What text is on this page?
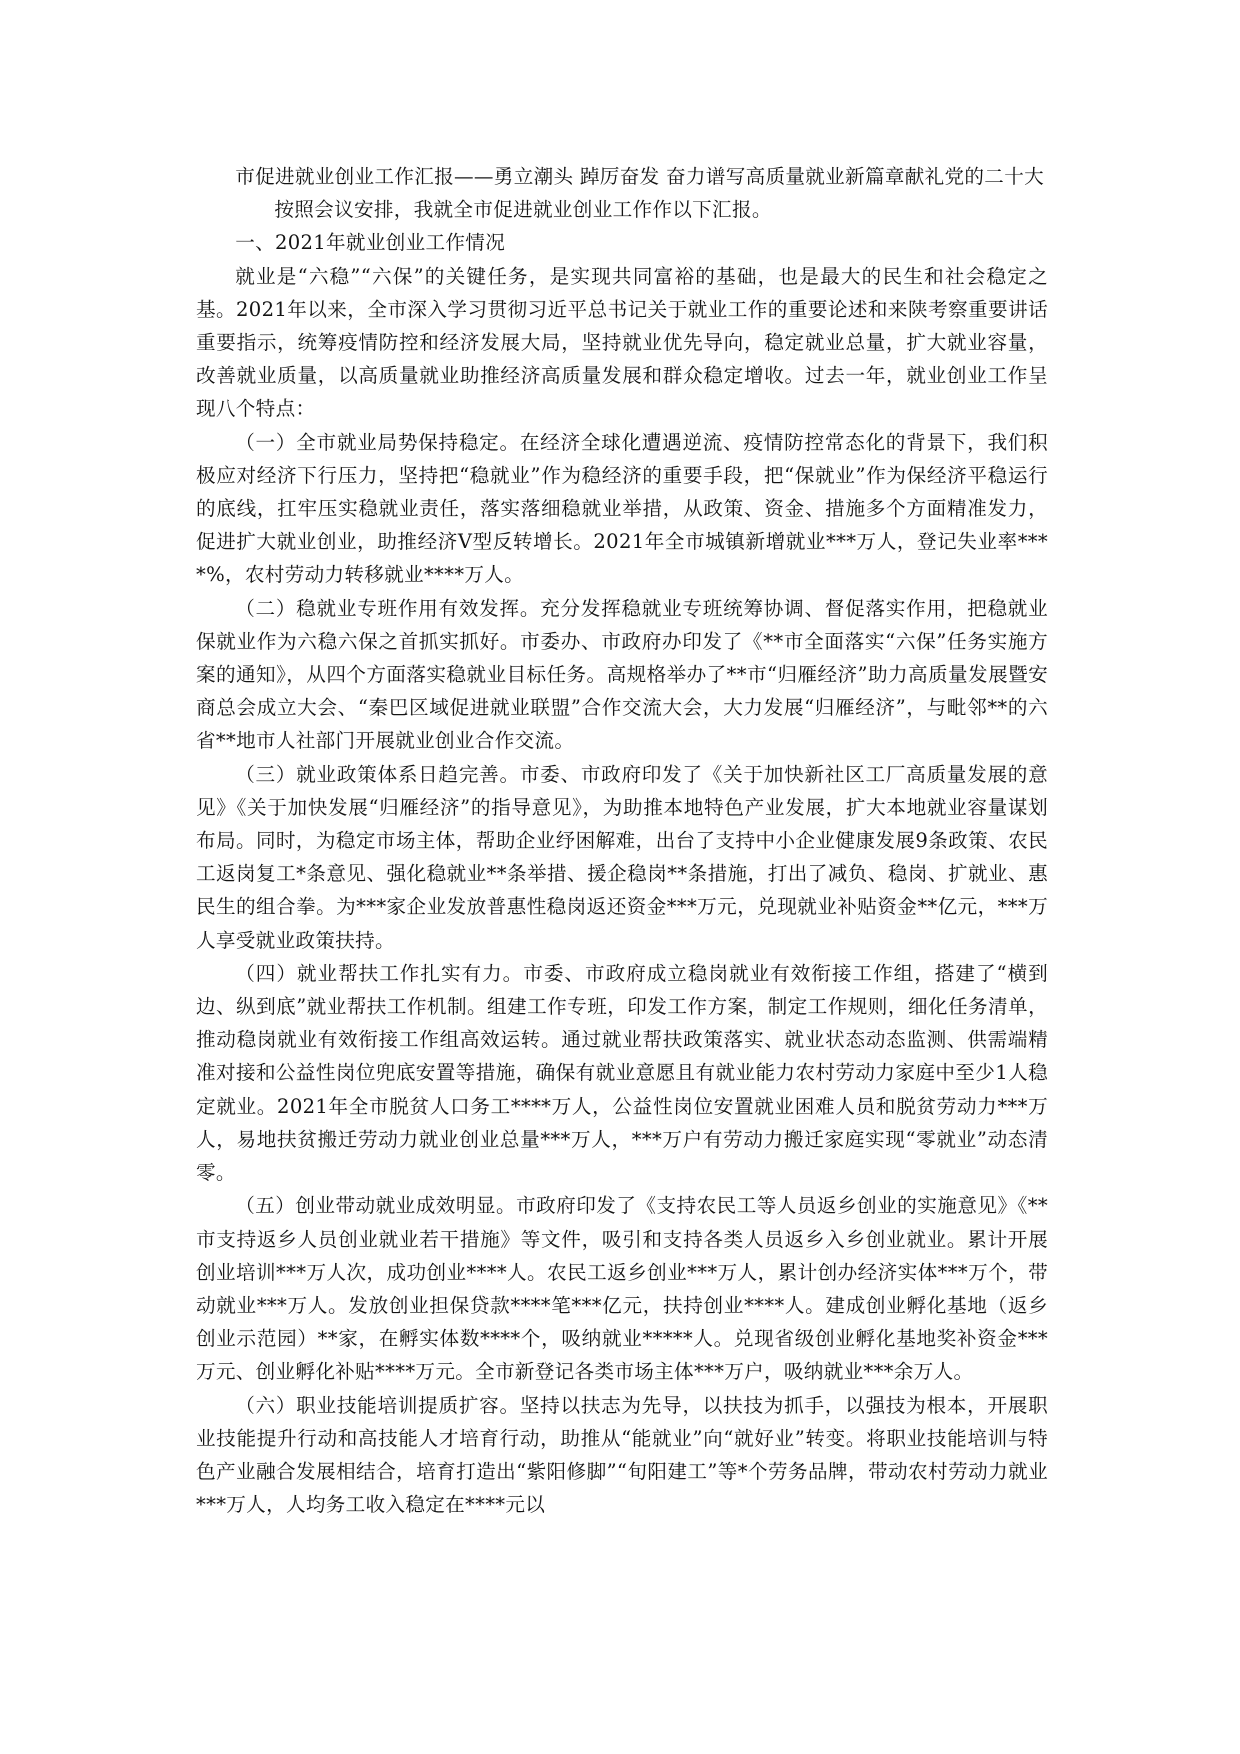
市促进就业创业工作汇报——勇立潮头 踔厉奋发 奋力谱写高质量就业新篇章献礼党的二十大

按照会议安排，我就全市促进就业创业工作作以下汇报。

一、2021年就业创业工作情况

就业是“六稳”“六保”的关键任务，是实现共同富裕的基础，也是最大的民生和社会稳定之基。2021年以来，全市深入学习贯彻习近平总书记关于就业工作的重要论述和来陕考察重要讲话重要指示，统筹疫情防控和经济发展大局，坚持就业优先导向，稳定就业总量，扩大就业容量，改善就业质量，以高质量就业助推经济高质量发展和群众稳定增收。过去一年，就业创业工作呈现八个特点：

（一）全市就业局势保持稳定。在经济全球化遭遇逆流、疫情防控常态化的背景下，我们积极应对经济下行压力，坚持把“稳就业”作为稳经济的重要手段，把“保就业”作为保经济平稳运行的底线，扛牢压实稳就业责任，落实落细稳就业举措，从政策、资金、措施多个方面精准发力，促进扩大就业创业，助推经济V型反转增长。2021年全市城镇新增就业***万人，登记失业率****%，农村劳动力转移就业****万人。

（二）稳就业专班作用有效发挥。充分发挥稳就业专班统筹协调、督促落实作用，把稳就业保就业作为六稳六保之首抓实抓好。市委办、市政府办印发了《**市全面落实“六保”任务实施方案的通知》，从四个方面落实稳就业目标任务。高规格举办了**市“归雁经济”助力高质量发展暨安商总会成立大会、“秦巴区域促进就业联盟”合作交流大会，大力发展“归雁经济”，与毗邻**的六省**地市人社部门开展就业创业合作交流。

（三）就业政策体系日趋完善。市委、市政府印发了《关于加快新社区工厂高质量发展的意见》《关于加快发展“归雁经济”的指导意见》，为助推本地特色产业发展，扩大本地就业容量谋划布局。同时，为稳定市场主体，帮助企业纾困解难，出台了支持中小企业健康发展9条政策、农民工返岗复工*条意见、强化稳就业**条举措、援企稳岗**条措施，打出了减负、稳岗、扩就业、惠民生的组合拳。为***家企业发放普惠性稳岗返还资金***万元，兑现就业补贴资金**亿元，***万人享受就业政策扶持。

（四）就业帮扶工作扎实有力。市委、市政府成立稳岗就业有效衔接工作组，搭建了“横到边、纵到底”就业帮扶工作机制。组建工作专班，印发工作方案，制定工作规则，细化任务清单，推动稳岗就业有效衔接工作组高效运转。通过就业帮扶政策落实、就业状态动态监测、供需端精准对接和公益性岗位兜底安置等措施，确保有就业意愿且有就业能力农村劳动力家庭中至少1人稳定就业。2021年全市脱贫人口务工****万人，公益性岗位安置就业困难人员和脱贫劳动力***万人，易地扶贫搬迁劳动力就业创业总量***万人，***万户有劳动力搬迁家庭实现“零就业”动态清零。

（五）创业带动就业成效明显。市政府印发了《支持农民工等人员返乡创业的实施意见》《**市支持返乡人员创业就业若干措施》等文件，吸引和支持各类人员返乡入乡创业就业。累计开展创业培训***万人次，成功创业****人。农民工返乡创业***万人，累计创办经济实体***万个，带动就业***万人。发放创业担保贷款****笔***亿元，扶持创业****人。建成创业孵化基地（返乡创业示范园）**家，在孵实体数****个，吸纳就业*****人。兑现省级创业孵化基地奖补资金***万元、创业孵化补贴****万元。全市新登记各类市场主体***万户，吸纳就业***余万人。

（六）职业技能培训提质扩容。坚持以扶志为先导，以扶技为抓手，以强技为根本，开展职业技能提升行动和高技能人才培育行动，助推从“能就业”向“就好业”转变。将职业技能培训与特色产业融合发展相结合，培育打造出“紫阳修脚”“旬阳建工”等*个劳务品牌，带动农村劳动力就业***万人，人均务工收入稳定在****元以
